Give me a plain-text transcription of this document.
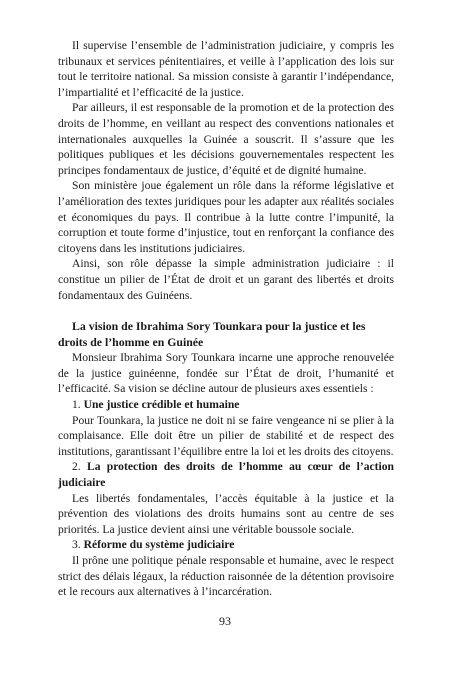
Il supervise l’ensemble de l’administration judiciaire, y compris les tribunaux et services pénitentiaires, et veille à l’application des lois sur tout le territoire national. Sa mission consiste à garantir l’indépendance, l’impartialité et l’efficacité de la justice.

Par ailleurs, il est responsable de la promotion et de la protection des droits de l’homme, en veillant au respect des conventions nationales et internationales auxquelles la Guinée a souscrit. Il s’assure que les politiques publiques et les décisions gouvernementales respectent les principes fondamentaux de justice, d’équité et de dignité humaine.

Son ministère joue également un rôle dans la réforme législative et l’amélioration des textes juridiques pour les adapter aux réalités sociales et économiques du pays. Il contribue à la lutte contre l’impunité, la corruption et toute forme d’injustice, tout en renforçant la confiance des citoyens dans les institutions judiciaires.

Ainsi, son rôle dépasse la simple administration judiciaire : il constitue un pilier de l’État de droit et un garant des libertés et droits fondamentaux des Guinéens.

La vision de Ibrahima Sory Tounkara pour la justice et les droits de l’homme en Guinée

Monsieur Ibrahima Sory Tounkara incarne une approche renouvelée de la justice guinéenne, fondée sur l’État de droit, l’humanité et l’efficacité. Sa vision se décline autour de plusieurs axes essentiels :

1. Une justice crédible et humaine

Pour Tounkara, la justice ne doit ni se faire vengeance ni se plier à la complaisance. Elle doit être un pilier de stabilité et de respect des institutions, garantissant l’équilibre entre la loi et les droits des citoyens.

2. La protection des droits de l’homme au cœur de l’action judiciaire

Les libertés fondamentales, l’accès équitable à la justice et la prévention des violations des droits humains sont au centre de ses priorités. La justice devient ainsi une véritable boussole sociale.

3. Réforme du système judiciaire

Il prône une politique pénale responsable et humaine, avec le respect strict des délais légaux, la réduction raisonnée de la détention provisoire et le recours aux alternatives à l’incarcération.

93
